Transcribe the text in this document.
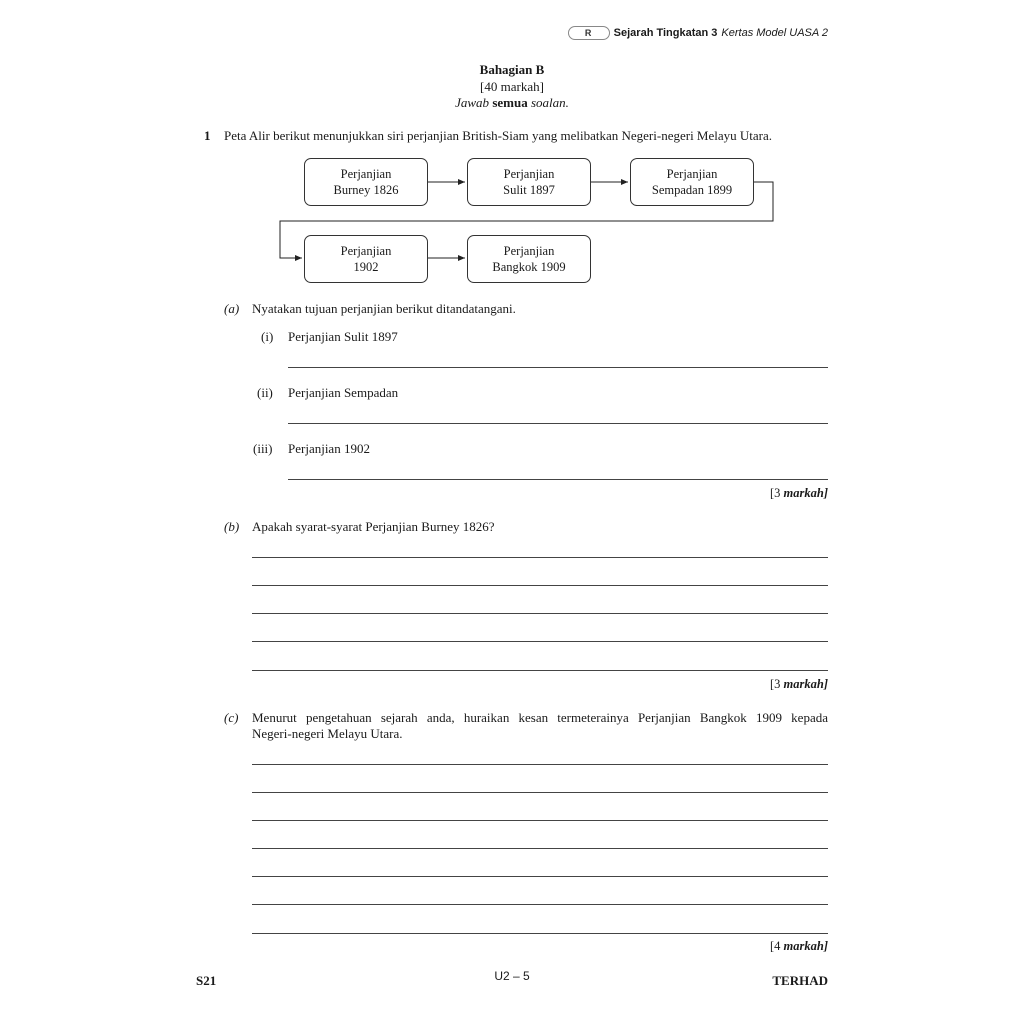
R Sejarah Tingkatan 3 Kertas Model UASA 2
Bahagian B
[40 markah]
Jawab semua soalan.
1 Peta Alir berikut menunjukkan siri perjanjian British-Siam yang melibatkan Negeri-negeri Melayu Utara.
Perjanjian
Burney 1826
Perjanjian
Sulit 1897
Perjanjian
Sempadan 1899
Perjanjian
1902
Perjanjian
Bangkok 1909
(a) Nyatakan tujuan perjanjian berikut ditandatangani.
(i) Perjanjian Sulit 1897
(ii) Perjanjian Sempadan
(iii) Perjanjian 1902
[3 markah]
(b) Apakah syarat-syarat Perjanjian Burney 1826?
[3 markah]
(c) Menurut pengetahuan sejarah anda, huraikan kesan termeterainya Perjanjian Bangkok 1909 kepada
Negeri-negeri Melayu Utara.
[4 markah]
S21	U2 – 5	TERHAD
